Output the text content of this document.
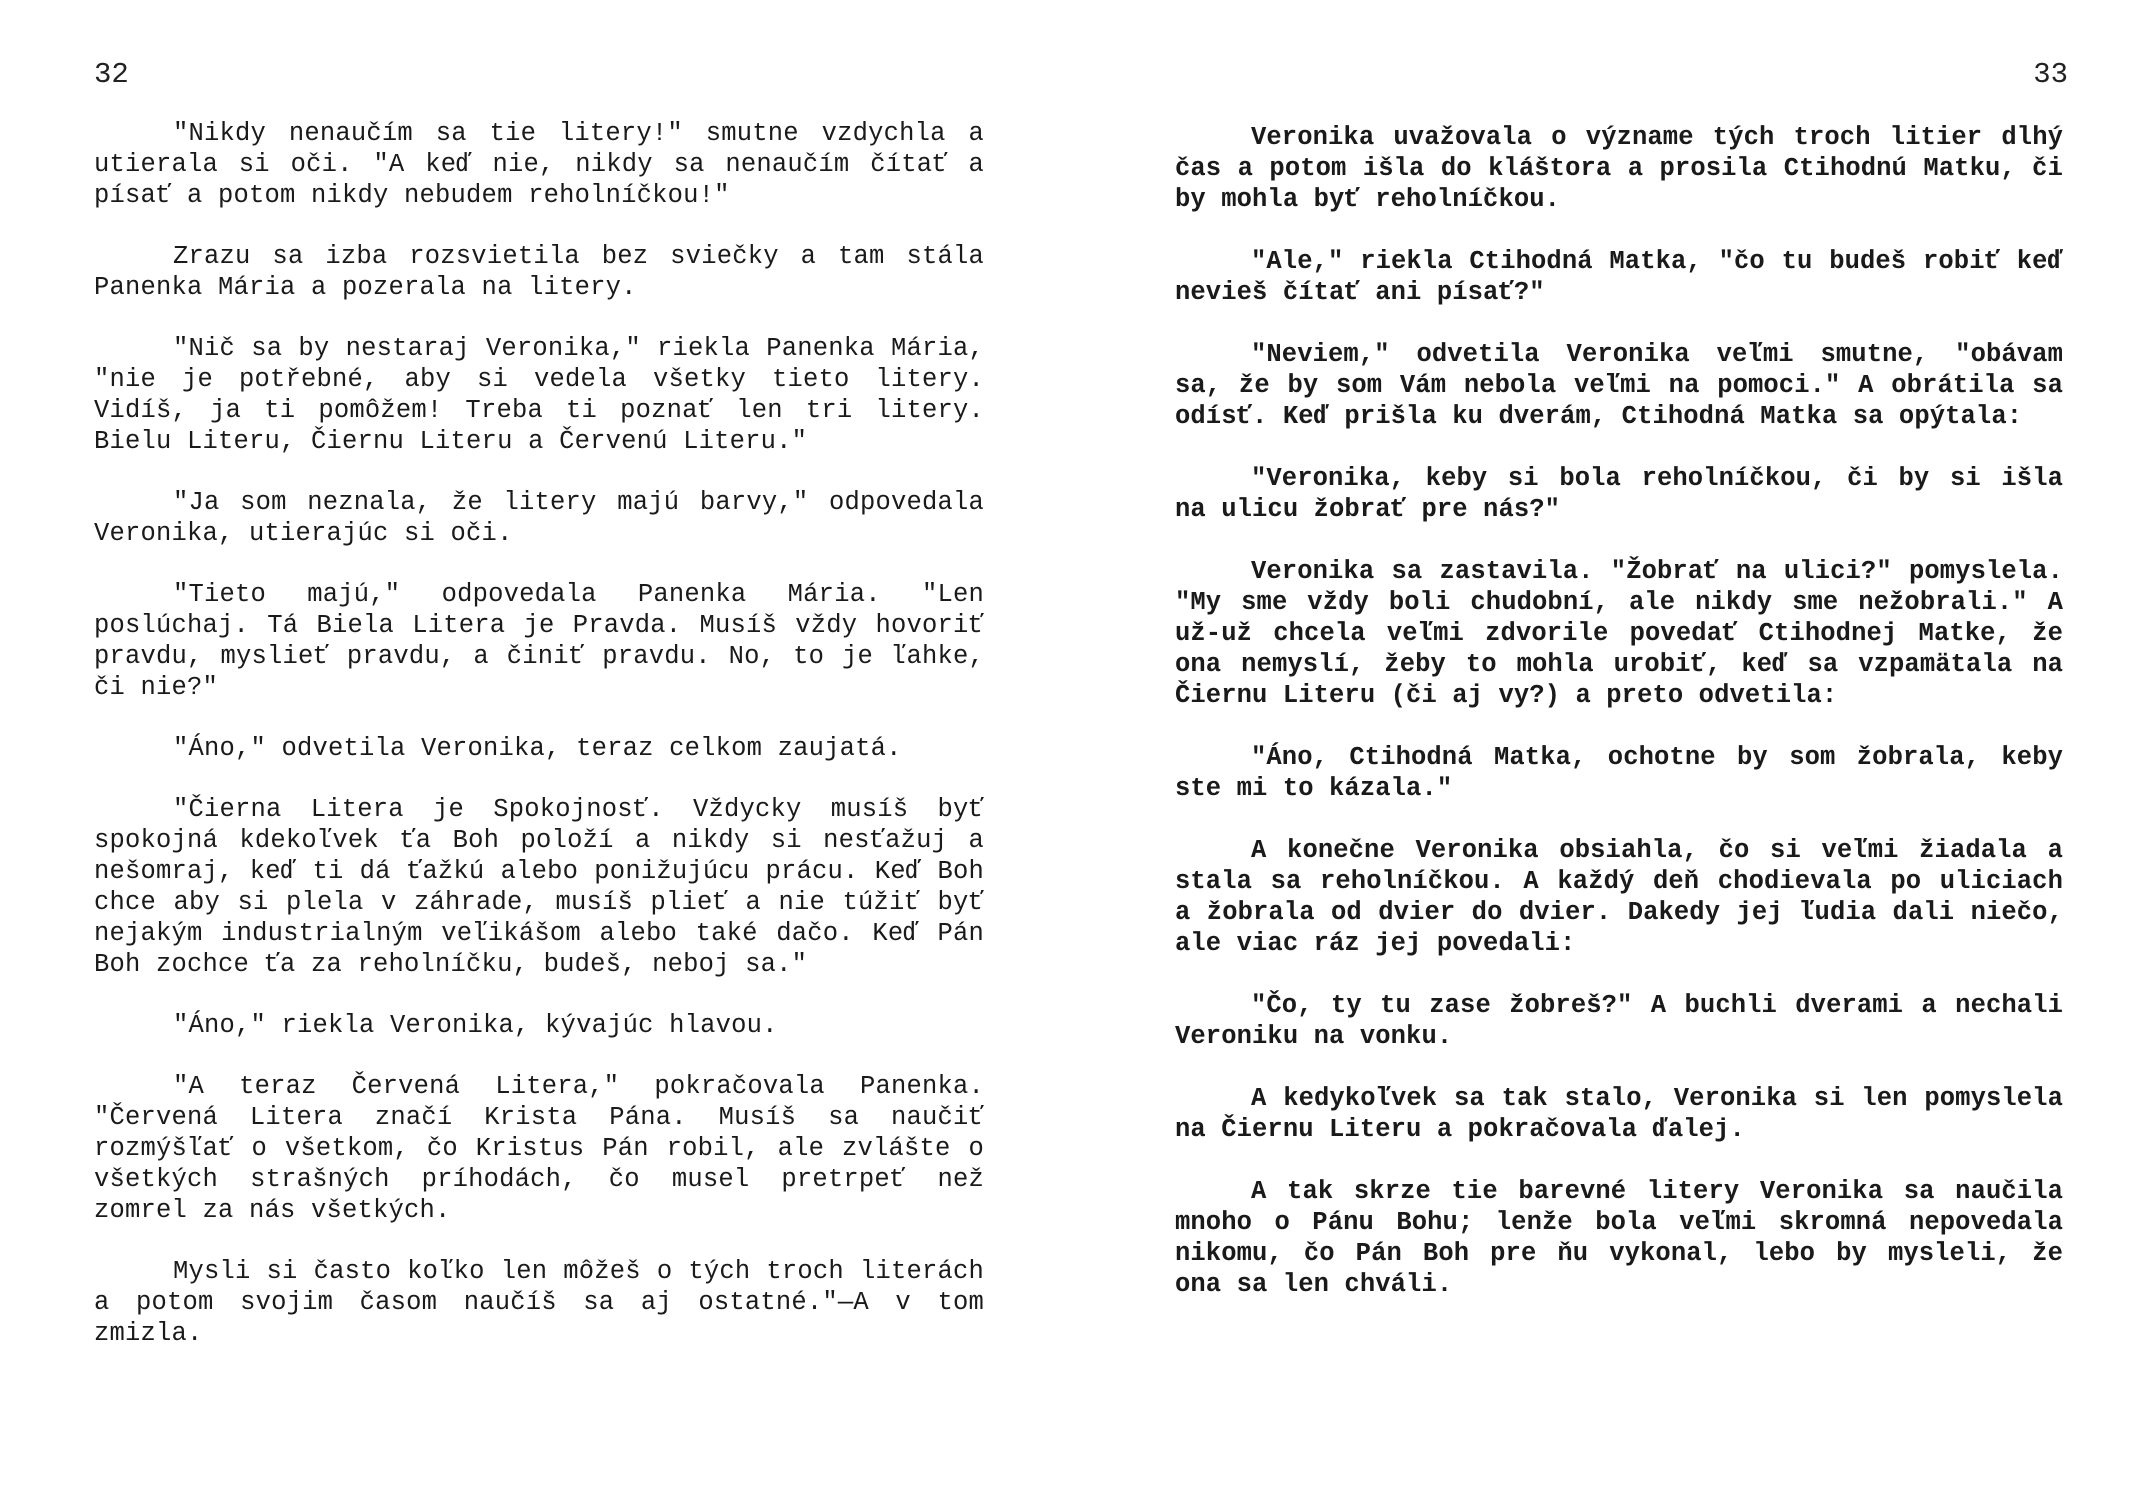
32

"Nikdy nenaučím sa tie litery!" smutne vzdychla a utierala si oči. "A keď nie, nikdy sa nenaučím čítať a písať a potom nikdy nebudem reholníčkou!"

Zrazu sa izba rozsvietila bez sviečky a tam stála Panenka Mária a pozerala na litery.

"Nič sa by nestaraj Veronika," riekla Panenka Mária, "nie je potřebné, aby si vedela všetky tieto litery. Vidíš, ja ti pomôžem! Treba ti poznať len tri litery. Bielu Literu, Čiernu Literu a Červenú Literu."

"Ja som neznala, že litery majú barvy," odpovedala Veronika, utierajúc si oči.

"Tieto majú," odpovedala Panenka Mária. "Len poslúchaj. Tá Biela Litera je Pravda. Musíš vždy hovoriť pravdu, myslieť pravdu, a činiť pravdu. No, to je ľahke, či nie?"

"Áno," odvetila Veronika, teraz celkom zaujatá.

"Čierna Litera je Spokojnosť. Vždycky musíš byť spokojná kdekoľvek ťa Boh položí a nikdy si nesťažuj a nešomraj, keď ti dá ťažkú alebo ponižujúcu prácu. Keď Boh chce aby si plela v záhrade, musíš plieť a nie túžiť byť nejakým industrialným veľikášom alebo také dačo. Keď Pán Boh zochce ťa za reholníčku, budeš, neboj sa."

"Áno," riekla Veronika, kývajúc hlavou.

"A teraz Červená Litera," pokračovala Panenka. "Červená Litera značí Krista Pána. Musíš sa naučiť rozmýšľať o všetkom, čo Kristus Pán robil, ale zvlášte o všetkých strašných príhodách, čo musel pretrpeť než zomrel za nás všetkých.

Mysli si často koľko len môžeš o tých troch literách a potom svojim časom naučíš sa aj ostatné."—A v tom zmizla.

33

Veronika uvažovala o význame tých troch litier dlhý čas a potom išla do kláštora a prosila Ctihodnú Matku, či by mohla byť reholníčkou.

"Ale," riekla Ctihodná Matka, "čo tu budeš robiť keď nevieš čítať ani písať?"

"Neviem," odvetila Veronika veľmi smutne, "obávam sa, že by som Vám nebola veľmi na pomoci." A obrátila sa odísť. Keď prišla ku dverám, Ctihodná Matka sa opýtala:

"Veronika, keby si bola reholníčkou, či by si išla na ulicu žobrať pre nás?"

Veronika sa zastavila. "Žobrať na ulici?" pomyslela. "My sme vždy boli chudobní, ale nikdy sme nežobrali." A už-už chcela veľmi zdvorile povedať Ctihodnej Matke, že ona nemyslí, žeby to mohla urobiť, keď sa vzpamätala na Čiernu Literu (či aj vy?) a preto odvetila:

"Áno, Ctihodná Matka, ochotne by som žobrala, keby ste mi to kázala."

A konečne Veronika obsiahla, čo si veľmi žiadala a stala sa reholníčkou. A každý deň chodievala po uliciach a žobrala od dvier do dvier. Dakedy jej ľudia dali niečo, ale viac ráz jej povedali:

"Čo, ty tu zase žobreš?" A buchli dverami a nechali Veroniku na vonku.

A kedykoľvek sa tak stalo, Veronika si len pomyslela na Čiernu Literu a pokračovala ďalej.

A tak skrze tie barevné litery Veronika sa naučila mnoho o Pánu Bohu; lenže bola veľmi skromná nepovedala nikomu, čo Pán Boh pre ňu vykonal, lebo by mysleli, že ona sa len chváli.
